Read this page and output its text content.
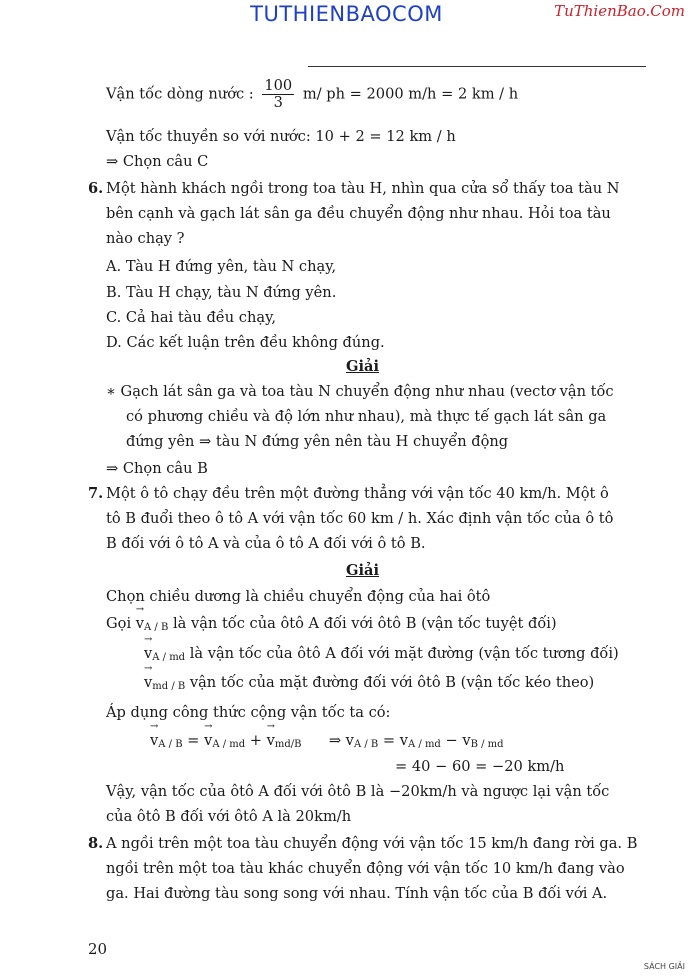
TUTHIENBAOCOM	TuThienBao.Com
Vận tốc dòng nước : $\frac{100}{3} m/$ ph = 2000 m/h = 2 km / h
Vận tốc thuyền so với nước: 10 + 2 = 12 km / h
⇒ Chọn câu C
6. Một hành khách ngồi trong toa tàu H, nhìn qua cửa sổ thấy toa tàu N
bên cạnh và gạch lát sân ga đều chuyển động như nhau. Hỏi toa tàu
nào chạy ?
A. Tàu H đứng yên, tàu N chạy,
B. Tàu H chạy, tàu N đứng yên.
C. Cả hai tàu đều chạy,
D. Các kết luận trên đều không đúng.
Giải
∗ Gạch lát sân ga và toa tàu N chuyển động như nhau (vectơ vận tốc
có phương chiều và độ lớn như nhau), mà thực tế gạch lát sân ga
đứng yên ⇒ tàu N đứng yên nên tàu H chuyển động
⇒ Chọn câu B
7. Một ô tô chạy đều trên một đường thẳng với vận tốc 40 km/h. Một ô
tô B đuổi theo ô tô A với vận tốc 60 km / h. Xác định vận tốc của ô tô
B đối với ô tô A và của ô tô A đối với ô tô B.
Giải
Chọn chiều dương là chiều chuyển động của hai ôtô
Gọi → $v_{A / B}$ là vận tốc của ôtô A đối với ôtô B (vận tốc tuyệt đối)
→ $v_{A / md}$ là vận tốc của ôtô A đối với mặt đường (vận tốc tương đối)
→ $v_{md / B}$ vận tốc của mặt đường đối với ôtô B (vận tốc kéo theo)
Áp dụng công thức cộng vận tốc ta có:
→ $v_{A / B}$ = → $v_{A / md}$ + → $v_{md/B}$ ⇒ $v_{A / B} = v_{A / md} - v_{B / md}$
= 40 − 60 = −20 km/h
Vậy, vận tốc của ôtô A đối với ôtô B là −20km/h và ngược lại vận tốc
của ôtô B đối với ôtô A là 20km/h
8. A ngồi trên một toa tàu chuyển động với vận tốc 15 km/h đang rời ga. B
ngồi trên một toa tàu khác chuyển động với vận tốc 10 km/h đang vào
ga. Hai đường tàu song song với nhau. Tính vận tốc của B đối với A.
20
SÁCH GIẢI
